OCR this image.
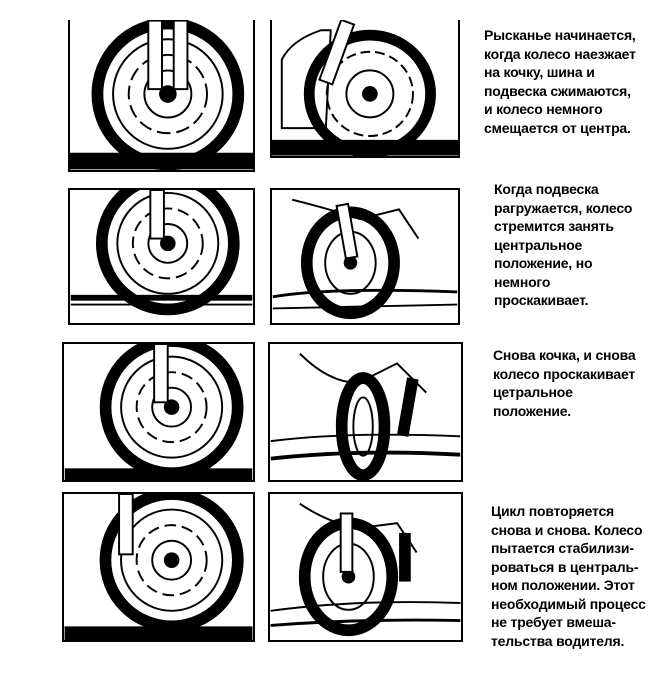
Рысканье начинается,
когда колесо наезжает
на кочку, шина и
подвеска сжимаются,
и колесо немного
смещается от центра.
Когда подвеска
рагружается, колесо
стремится занять
центральное
положение, но
немного
проскакивает.
Снова кочка, и снова
колесо проскакивает
цетральное
положение.
Цикл повторяется
снова и снова. Колесо
пытается стабилизи-
роваться в централь-
ном положении. Этот
необходимый процесс
не требует вмеша-
тельства водителя.
